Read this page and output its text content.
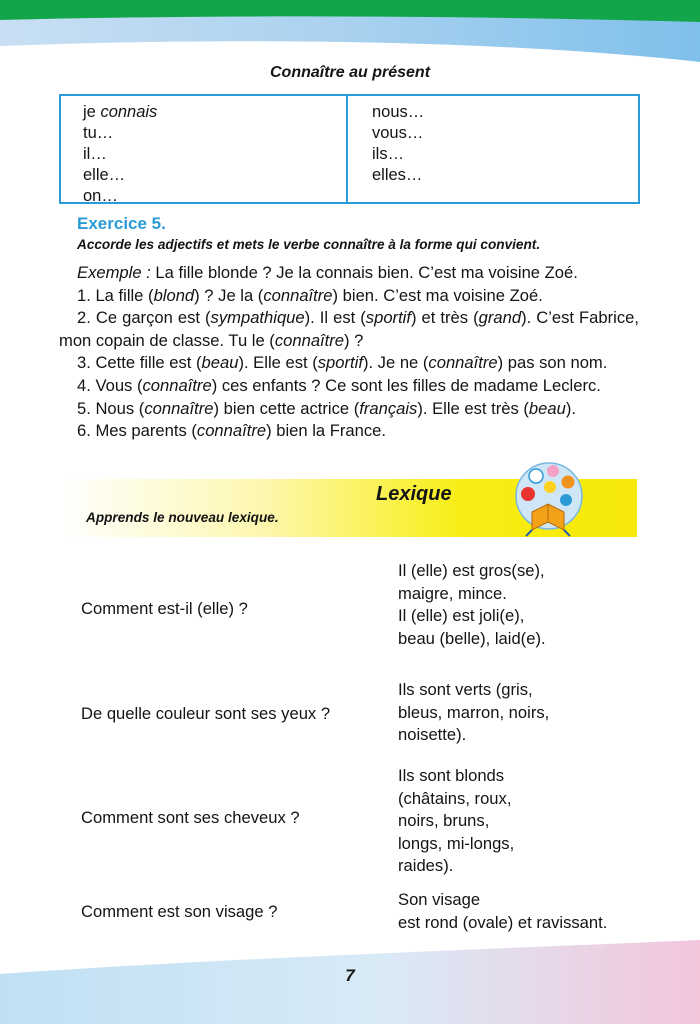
Connaître au présent
je connais
tu…
il…
elle…
on…
nous…
vous…
ils…
elles…
Exercice 5.
Accorde les adjectifs et mets le verbe connaître à la forme qui convient.

Exemple : La fille blonde ? Je la connais bien. C’est ma voisine Zoé.

1. La fille (blond) ? Je la (connaître) bien. C’est ma voisine Zoé.

2. Ce garçon est (sympathique). Il est (sportif) et très (grand). C’est Fabrice, mon copain de classe. Tu le (connaître) ?

3. Cette fille est (beau). Elle est (sportif). Je ne (connaître) pas son nom.

4. Vous (connaître) ces enfants ? Ce sont les filles de madame Leclerc.

5. Nous (connaître) bien cette actrice (français). Elle est très (beau).

6. Mes parents (connaître) bien la France.

Lexique
Apprends le nouveau lexique.
Comment est-il (elle) ?
Il (elle) est gros(se),
maigre, mince.
Il (elle) est joli(e),
beau (belle), laid(e).
De quelle couleur sont ses yeux ?
Ils sont verts (gris,
bleus, marron, noirs,
noisette).
Comment sont ses cheveux ?
Ils sont blonds
(châtains, roux,
noirs, bruns,
longs, mi-longs,
raides).
Comment est son visage ?
Son visage
est rond (ovale) et ravissant.
7
